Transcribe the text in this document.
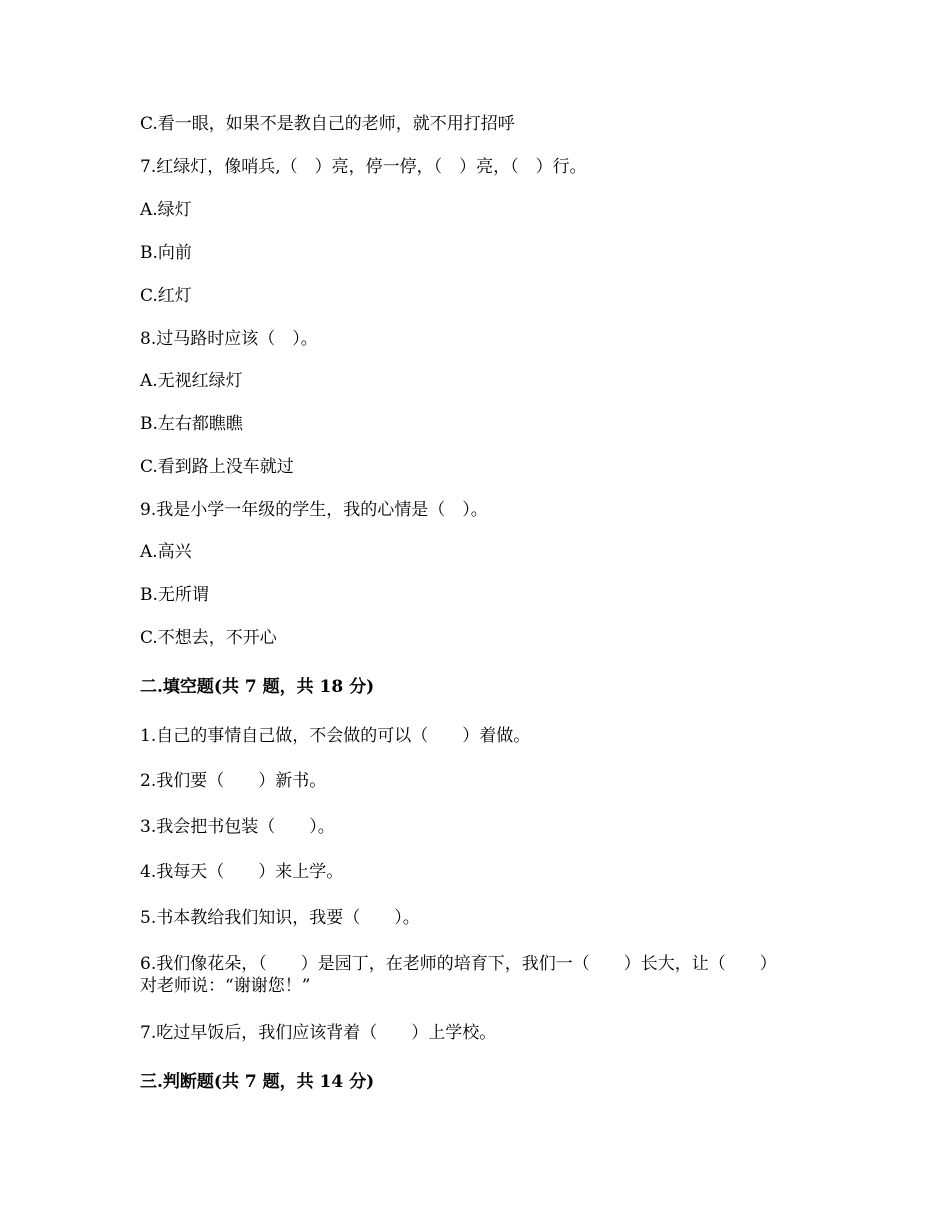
C.看一眼，如果不是教自己的老师，就不用打招呼
7.红绿灯，像哨兵,（　）亮，停一停，（　）亮，（　）行。
A.绿灯
B.向前
C.红灯
8.过马路时应该（　）。
A.无视红绿灯
B.左右都瞧瞧
C.看到路上没车就过
9.我是小学一年级的学生，我的心情是（　）。
A.高兴
B.无所谓
C.不想去，不开心
二.填空题(共 7 题，共 18 分)
1.自己的事情自己做，不会做的可以（　　）着做。
2.我们要（　　）新书。
3.我会把书包装（　　）。
4.我每天（　　）来上学。
5.书本教给我们知识，我要（　　）。
6.我们像花朵，（　　）是园丁，在老师的培育下，我们一（　　）长大，让（　　）对老师说：“谢谢您！”
7.吃过早饭后，我们应该背着（　　）上学校。
三.判断题(共 7 题，共 14 分)
